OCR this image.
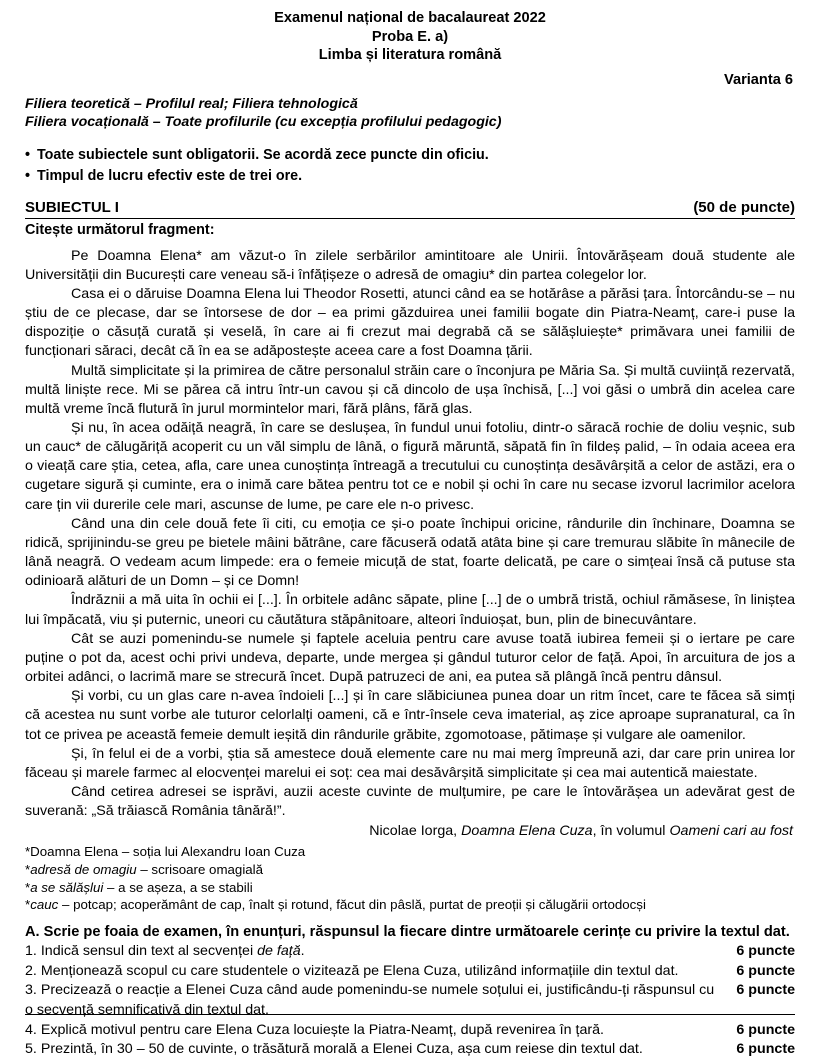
Examenul național de bacalaureat 2022
Proba E. a)
Limba și literatura română
Varianta 6
Filiera teoretică – Profilul real; Filiera tehnologică
Filiera vocațională – Toate profilurile (cu excepția profilului pedagogic)
• Toate subiectele sunt obligatorii. Se acordă zece puncte din oficiu.
• Timpul de lucru efectiv este de trei ore.
SUBIECTUL I	(50 de puncte)
Citește următorul fragment:

Pe Doamna Elena* am văzut-o în zilele serbărilor amintitoare ale Unirii. Întovărășeam două studente ale Universității din București care veneau să-i înfățișeze o adresă de omagiu* din partea colegelor lor.

Casa ei o dăruise Doamna Elena lui Theodor Rosetti, atunci când ea se hotărâse a părăsi țara. Întorcându-se – nu știu de ce plecase, dar se întorsese de dor – ea primi găzduirea unei familii bogate din Piatra-Neamț, care-i puse la dispoziție o căsuță curată și veselă, în care ai fi crezut mai degrabă că se sălășluiește* primăvara unei familii de funcționari săraci, decât că în ea se adăpostește aceea care a fost Doamna țării.

Multă simplicitate și la primirea de către personalul străin care o înconjura pe Măria Sa. Și multă cuviință rezervată, multă liniște rece. Mi se părea că intru într-un cavou și că dincolo de ușa închisă, [...] voi găsi o umbră din acelea care multă vreme încă flutură în jurul mormintelor mari, fără plâns, fără glas.

Și nu, în acea odăiță neagră, în care se deslușea, în fundul unui fotoliu, dintr-o săracă rochie de doliu veșnic, sub un cauc* de călugăriță acoperit cu un văl simplu de lână, o figură măruntă, săpată fin în fildeș palid, – în odaia aceea era o vieață care știa, cetea, afla, care unea cunoștința întreagă a trecutului cu cunoștința desăvârșită a celor de astăzi, era o cugetare sigură și cuminte, era o inimă care bătea pentru tot ce e nobil și ochi în care nu secase izvorul lacrimilor acelora care țin vii durerile cele mari, ascunse de lume, pe care ele n-o privesc.

Când una din cele două fete îi citi, cu emoția ce și-o poate închipui oricine, rândurile din închinare, Doamna se ridică, sprijinindu-se greu pe bietele mâini bătrâne, care făcuseră odată atâta bine și care tremurau slăbite în mânecile de lână neagră. O vedeam acum limpede: era o femeie micuță de stat, foarte delicată, pe care o simțeai însă că putuse sta odinioară alături de un Domn – și ce Domn!

Îndrăznii a mă uita în ochii ei [...]. În orbitele adânc săpate, pline [...] de o umbră tristă, ochiul rămăsese, în liniștea lui împăcată, viu și puternic, uneori cu căutătura stăpânitoare, alteori înduioșat, bun, plin de binecuvântare.

Cât se auzi pomenindu-se numele și faptele aceluia pentru care avuse toată iubirea femeii și o iertare pe care puține o pot da, acest ochi privi undeva, departe, unde mergea și gândul tuturor celor de față. Apoi, în arcuitura de jos a orbitei adânci, o lacrimă mare se strecură încet. După patruzeci de ani, ea putea să plângă încă pentru dânsul.

Și vorbi, cu un glas care n-avea îndoieli [...] și în care slăbiciunea punea doar un ritm încet, care te făcea să simți că acestea nu sunt vorbe ale tuturor celorlalți oameni, că e într-însele ceva imaterial, aș zice aproape supranatural, ca în tot ce privea pe această femeie demult ieșită din rândurile grăbite, zgomotoase, pătimașe și vulgare ale oamenilor.

Și, în felul ei de a vorbi, știa să amestece două elemente care nu mai merg împreună azi, dar care prin unirea lor făceau și marele farmec al elocvenței marelui ei soț: cea mai desăvârșită simplicitate și cea mai autentică maiestate.

Când cetirea adresei se isprăvi, auzii aceste cuvinte de mulțumire, pe care le întovărășea un adevărat gest de suverană: „Să trăiască România tânără!”.

Nicolae Iorga, Doamna Elena Cuza, în volumul Oameni cari au fost
*Doamna Elena – soția lui Alexandru Ioan Cuza
*adresă de omagiu – scrisoare omagială
*a se sălășlui – a se așeza, a se stabili
*cauc – potcap; acoperământ de cap, înalt și rotund, făcut din pâslă, purtat de preoții și călugării ortodocși
A. Scrie pe foaia de examen, în enunțuri, răspunsul la fiecare dintre următoarele cerințe cu privire la textul dat.
6 puncte
1. Indică sensul din text al secvenței de față.
6 puncte
2. Menționează scopul cu care studentele o vizitează pe Elena Cuza, utilizând informațiile din textul dat.
6 puncte
3. Precizează o reacție a Elenei Cuza când aude pomenindu-se numele soțului ei, justificându-ți răspunsul cu o secvență semnificativă din textul dat.
6 puncte
4. Explică motivul pentru care Elena Cuza locuiește la Piatra-Neamț, după revenirea în țară.
6 puncte
5. Prezintă, în 30 – 50 de cuvinte, o trăsătură morală a Elenei Cuza, așa cum reiese din textul dat.
